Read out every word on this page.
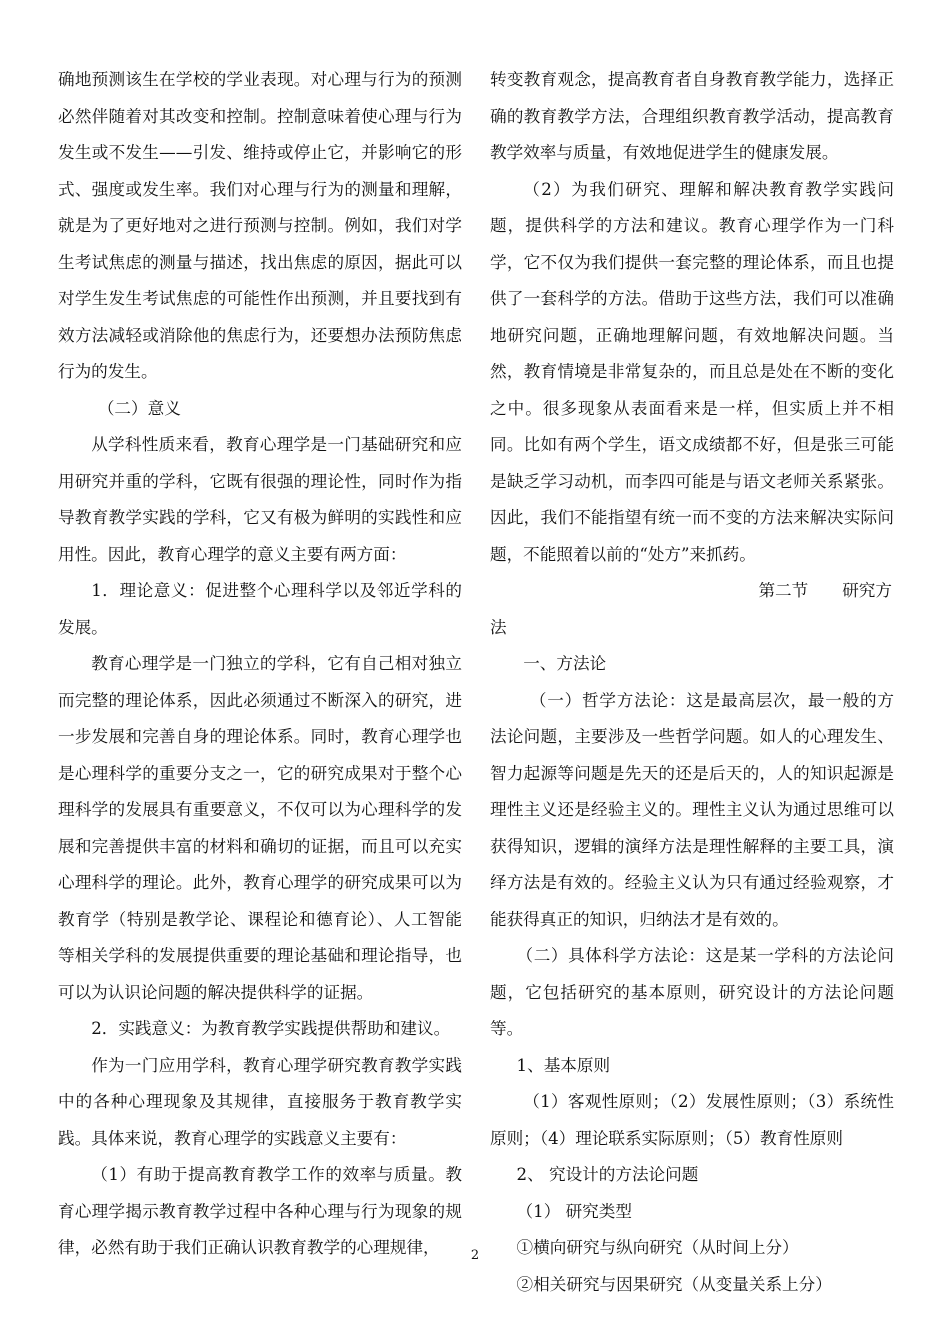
确地预测该生在学校的学业表现。对心理与行为的预测必然伴随着对其改变和控制。控制意味着使心理与行为发生或不发生——引发、维持或停止它，并影响它的形式、强度或发生率。我们对心理与行为的测量和理解，就是为了更好地对之进行预测与控制。例如，我们对学生考试焦虑的测量与描述，找出焦虑的原因，据此可以对学生发生考试焦虑的可能性作出预测，并且要找到有效方法减轻或消除他的焦虑行为，还要想办法预防焦虑行为的发生。

（二）意义

从学科性质来看，教育心理学是一门基础研究和应用研究并重的学科，它既有很强的理论性，同时作为指导教育教学实践的学科，它又有极为鲜明的实践性和应用性。因此，教育心理学的意义主要有两方面：

1．理论意义：促进整个心理科学以及邻近学科的发展。

教育心理学是一门独立的学科，它有自己相对独立而完整的理论体系，因此必须通过不断深入的研究，进一步发展和完善自身的理论体系。同时，教育心理学也是心理科学的重要分支之一，它的研究成果对于整个心理科学的发展具有重要意义，不仅可以为心理科学的发展和完善提供丰富的材料和确切的证据，而且可以充实心理科学的理论。此外，教育心理学的研究成果可以为教育学（特别是教学论、课程论和德育论）、人工智能等相关学科的发展提供重要的理论基础和理论指导，也可以为认识论问题的解决提供科学的证据。

2．实践意义：为教育教学实践提供帮助和建议。

作为一门应用学科，教育心理学研究教育教学实践中的各种心理现象及其规律，直接服务于教育教学实践。具体来说，教育心理学的实践意义主要有：

（1）有助于提高教育教学工作的效率与质量。教育心理学揭示教育教学过程中各种心理与行为现象的规律，必然有助于我们正确认识教育教学的心理规律，

转变教育观念，提高教育者自身教育教学能力，选择正确的教育教学方法，合理组织教育教学活动，提高教育教学效率与质量，有效地促进学生的健康发展。

（2）为我们研究、理解和解决教育教学实践问题，提供科学的方法和建议。教育心理学作为一门科学，它不仅为我们提供一套完整的理论体系，而且也提供了一套科学的方法。借助于这些方法，我们可以准确地研究问题，正确地理解问题，有效地解决问题。当然，教育情境是非常复杂的，而且总是处在不断的变化之中。很多现象从表面看来是一样，但实质上并不相同。比如有两个学生，语文成绩都不好，但是张三可能是缺乏学习动机，而李四可能是与语文老师关系紧张。因此，我们不能指望有统一而不变的方法来解决实际问题，不能照着以前的“处方”来抓药。

第二节 研究方

法

一、方法论

（一）哲学方法论：这是最高层次，最一般的方法论问题，主要涉及一些哲学问题。如人的心理发生、智力起源等问题是先天的还是后天的，人的知识起源是理性主义还是经验主义的。理性主义认为通过思维可以获得知识，逻辑的演绎方法是理性解释的主要工具，演绎方法是有效的。经验主义认为只有通过经验观察，才能获得真正的知识，归纳法才是有效的。

（二）具体科学方法论：这是某一学科的方法论问题，它包括研究的基本原则，研究设计的方法论问题等。

1、基本原则

（1）客观性原则；（2）发展性原则；（3）系统性原则；（4）理论联系实际原则；（5）教育性原则

2、 究设计的方法论问题

（1） 研究类型

①横向研究与纵向研究（从时间上分）

②相关研究与因果研究（从变量关系上分）

2
